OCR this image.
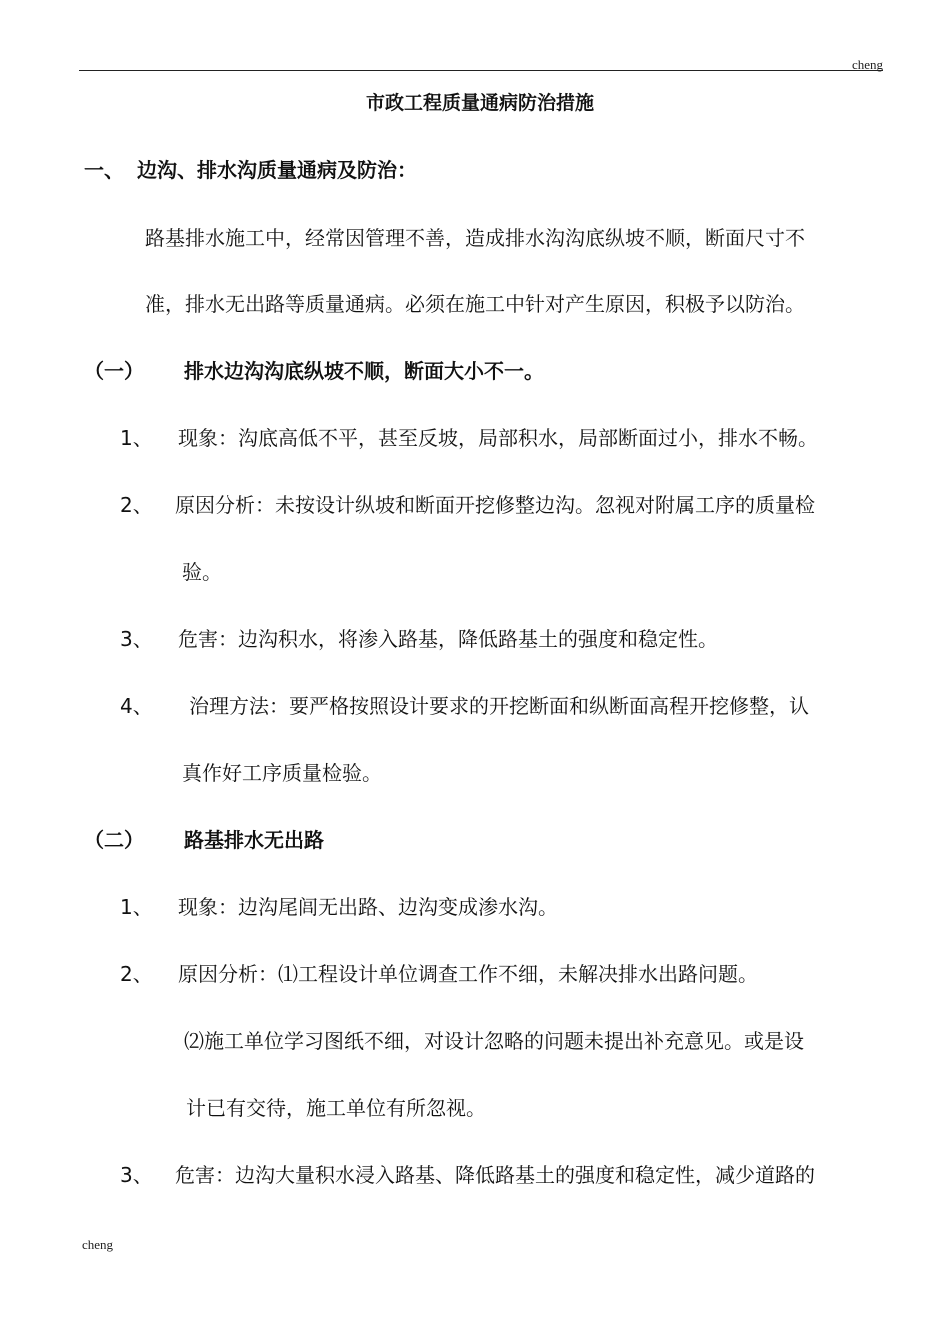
cheng
市政工程质量通病防治措施
一、 边沟、排水沟质量通病及防治：
路基排水施工中，经常因管理不善，造成排水沟沟底纵坡不顺，断面尺寸不
准，排水无出路等质量通病。必须在施工中针对产生原因，积极予以防治。
（一） 排水边沟沟底纵坡不顺，断面大小不一。
1、 现象：沟底高低不平，甚至反坡，局部积水，局部断面过小，排水不畅。
2、 原因分析：未按设计纵坡和断面开挖修整边沟。忽视对附属工序的质量检
验。
3、 危害：边沟积水，将渗入路基，降低路基土的强度和稳定性。
4、 治理方法：要严格按照设计要求的开挖断面和纵断面高程开挖修整，认
真作好工序质量检验。
（二） 路基排水无出路
1、 现象：边沟尾闾无出路、边沟变成渗水沟。
2、 原因分析：⑴工程设计单位调查工作不细，未解决排水出路问题。
⑵施工单位学习图纸不细，对设计忽略的问题未提出补充意见。或是设
计已有交待，施工单位有所忽视。
3、 危害：边沟大量积水浸入路基、降低路基土的强度和稳定性，减少道路的
cheng
